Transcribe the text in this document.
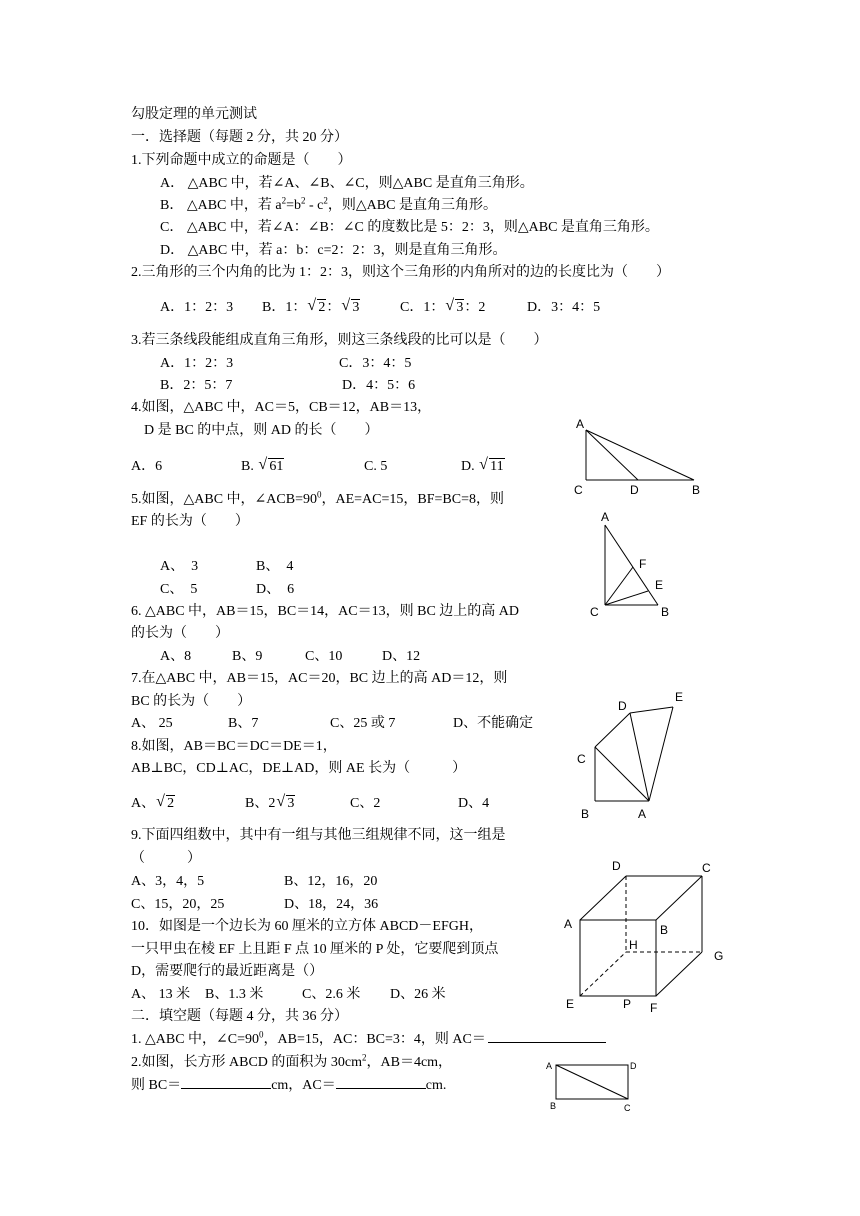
勾股定理的单元测试
一．选择题（每题 2 分，共 20 分）
1.下列命题中成立的命题是（　　）
A． △ABC 中，若∠A、∠B、∠C，则△ABC 是直角三角形。
B． △ABC 中，若 $a^2=b^2 - c^2$，则△ABC 是直角三角形。
C． △ABC 中，若∠A：∠B：∠C 的度数比是 5：2：3，则△ABC 是直角三角形。
D． △ABC 中，若 a：b：c=2：2：3，则是直角三角形。
2.三角形的三个内角的比为 1：2：3，则这个三角形的内角所对的边的长度比为（　　）
A．1：2：3 B．1： √ 2： √ 3	C．1： √ 3：2	D．3：4：5
3.若三条线段能组成直角三角形，则这三条线段的比可以是（　　）
A．1：2：3	C．3：4：5
B．2：5：7	D．4：5：6
4.如图，△ABC 中，AC＝5，CB＝12，AB＝13，
D 是 BC 的中点，则 AD 的长（　　）
A．6	B. √ 61	C. 5	D. √ 11
A
C	D	B
5.如图，△ABC 中，$\angle ACB=90^0$，AE=AC=15，BF=BC=8，则
EF 的长为（　　）
A、　3	B、　4
C、　5	D、　6
A
F
E
C	B
6. △ABC 中，AB＝15，BC＝14，AC＝13，则 BC 边上的高 AD
的长为（　　）
A、8	B、9	C、10	D、12
7.在△ABC 中，AB＝15，AC＝20，BC 边上的高 AD＝12，则
BC 的长为（　　）
A、 25	B、7	C、25 或 7	D、不能确定
8.如图，AB＝BC＝DC＝DE＝1，
AB⊥BC，CD⊥AC，DE⊥AD，则 AE 长为（　　　）
A、 √ 2	B、2 √ 3	C、2	D、4
D
E
C
B	A
9.下面四组数中，其中有一组与其他三组规律不同，这一组是
（　　　）
A、3，4，5	B、12，16，20
C、15，20，25	D、18，24，36
10．如图是一个边长为 60 厘米的立方体 ABCD－EFGH，
一只甲虫在棱 EF 上且距 F 点 10 厘米的 P 处，它要爬到顶点
D，需要爬行的最近距离是（）
A、 13 米 B、1.3 米	C、2.6 米 D、26 米
D	C
A	B
H
G
E	P F
二．填空题（每题 4 分，共 36 分）
1. △ABC 中，$\angle C=90^0$，AB=15，AC：BC=3：4，则 AC＝
2.如图，长方形 ABCD 的面积为 $30cm^2$，AB＝4cm，
则 BC＝	cm，AC＝	cm.
A	D
B	C
